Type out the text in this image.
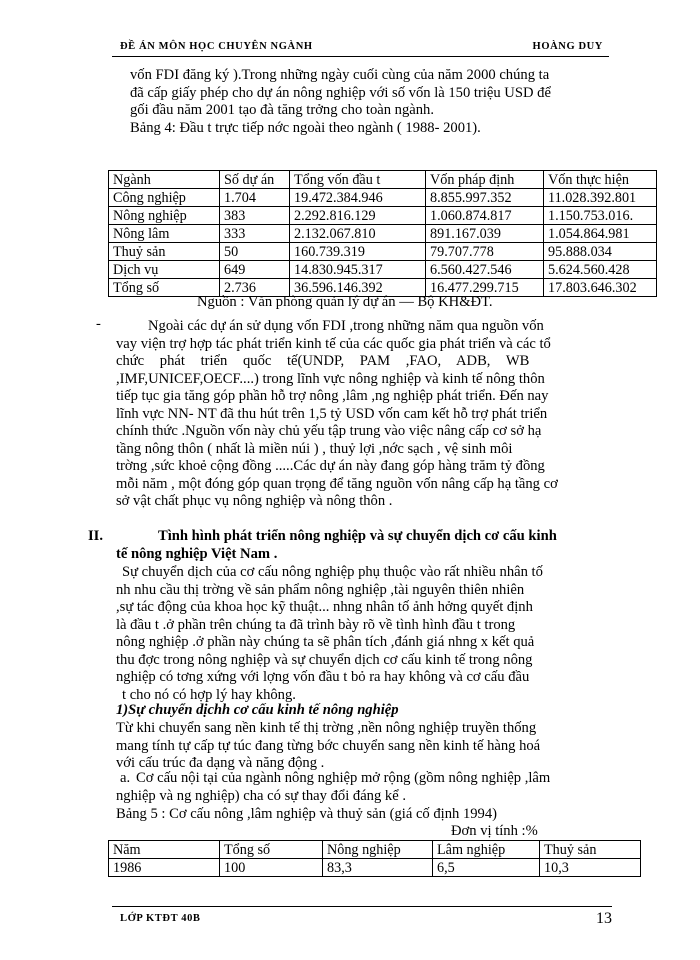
ĐỀ ÁN MÔN HỌC CHUYÊN NGÀNH	HOÀNG DUY
vốn FDI đăng ký ).Trong những ngày cuối cùng của năm 2000 chúng ta
đã cấp giấy phép cho dự án nông nghiệp với số vốn là 150 triệu USD để
gối đầu năm 2001 tạo đà tăng trởng cho toàn ngành.
Bảng 4: Đầu t trực tiếp nớc ngoài theo ngành ( 1988- 2001).
Ngành	Số dự án	Tổng vốn đầu t	Vốn pháp định	Vốn thực hiện
Công nghiệp	1.704	19.472.384.946	8.855.997.352	11.028.392.801
Nông nghiệp	383	2.292.816.129	1.060.874.817	1.150.753.016.
Nông lâm	333	2.132.067.810	891.167.039	1.054.864.981
Thuỷ sản	50	160.739.319	79.707.778	95.888.034
Dịch vụ	649	14.830.945.317	6.560.427.546	5.624.560.428
Tổng số	2.736	36.596.146.392	16.477.299.715	17.803.646.302
Nguồn : Văn phòng quản lý dự án — Bộ KH&ĐT.
-	Ngoài các dự án sử dụng vốn FDI ,trong những năm qua nguồn vốn
vay viện trợ hợp tác phát triển kinh tế của các quốc gia phát triển và các tổ
chức phát triển quốc tế(UNDP, PAM ,FAO, ADB, WB
,IMF,UNICEF,OECF....) trong lĩnh vực nông nghiệp và kinh tế nông thôn
tiếp tục gia tăng góp phần hỗ trợ nông ,lâm ,ng nghiệp phát triển. Đến nay
lĩnh vực NN- NT đã thu hút trên 1,5 tỷ USD vốn cam kết hỗ trợ phát triển
chính thức .Nguồn vốn này chủ yếu tập trung vào việc nâng cấp cơ sở hạ
tầng nông thôn ( nhất là miền núi ) , thuỷ lợi ,nớc sạch , vệ sinh môi
trờng ,sức khoẻ cộng đồng .....Các dự án này đang góp hàng trăm tỷ đồng
mỗi năm , một đóng góp quan trọng để tăng nguồn vốn nâng cấp hạ tầng cơ
sở vật chất phục vụ nông nghiệp và nông thôn .
II.	Tình hình phát triển nông nghiệp và sự chuyển dịch cơ cấu kinh
tế nông nghiệp Việt Nam .
Sự chuyển dịch của cơ cấu nông nghiệp phụ thuộc vào rất nhiều nhân tố
nh nhu cầu thị trờng về sản phẩm nông nghiệp ,tài nguyên thiên nhiên
,sự tác động của khoa học kỹ thuật... nhng nhân tố ảnh hởng quyết định
là đầu t .ở phần trên chúng ta đã trình bày rõ về tình hình đầu t trong
nông nghiệp .ở phần này chúng ta sẽ phân tích ,đánh giá nhng x kết quả
thu đợc trong nông nghiệp và sự chuyển dịch cơ cấu kinh tế trong nông
nghiệp có tơng xứng với lợng vốn đầu t bỏ ra hay không và cơ cấu đầu
t cho nó có hợp lý hay không.
1)Sự chuyển dịchh cơ cấu kinh tế nông nghiệp
Từ khi chuyển sang nền kinh tế thị trờng ,nền nông nghiệp truyền thống
mang tính tự cấp tự túc đang từng bớc chuyển sang nền kinh tế hàng hoá
với cấu trúc đa dạng và năng động .
a. Cơ cấu nội tại của ngành nông nghiệp mở rộng (gồm nông nghiệp ,lâm
nghiệp và ng nghiệp) cha có sự thay đổi đáng kể .
Bảng 5 : Cơ cấu nông ,lâm nghiệp và thuỷ sản (giá cố định 1994)
Đơn vị tính :%
Năm	Tổng số	Nông nghiệp	Lâm nghiệp	Thuỷ sản
1986	100	83,3	6,5	10,3
LỚP KTĐT 40B	13
